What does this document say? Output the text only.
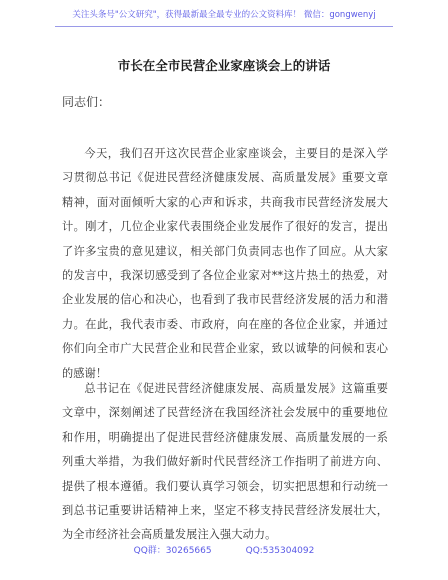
关注头条号"公文研究"，获得最新最全最专业的公文资料库！ 微信：gongwenyj
市长在全市民营企业家座谈会上的讲话
同志们：
今天，我们召开这次民营企业家座谈会，主要目的是深入学习贯彻总书记《促进民营经济健康发展、高质量发展》重要文章精神，面对面倾听大家的心声和诉求，共商我市民营经济发展大计。刚才，几位企业家代表围绕企业发展作了很好的发言，提出了许多宝贵的意见建议，相关部门负责同志也作了回应。从大家的发言中，我深切感受到了各位企业家对**这片热土的热爱，对企业发展的信心和决心，也看到了我市民营经济发展的活力和潜力。在此，我代表市委、市政府，向在座的各位企业家，并通过你们向全市广大民营企业和民营企业家，致以诚挚的问候和衷心的感谢！
总书记在《促进民营经济健康发展、高质量发展》这篇重要文章中，深刻阐述了民营经济在我国经济社会发展中的重要地位和作用，明确提出了促进民营经济健康发展、高质量发展的一系列重大举措，为我们做好新时代民营经济工作指明了前进方向、提供了根本遵循。我们要认真学习领会，切实把思想和行动统一到总书记重要讲话精神上来，坚定不移支持民营经济发展壮大，为全市经济社会高质量发展注入强大动力。
QQ群：30265665	QQ:535304092
